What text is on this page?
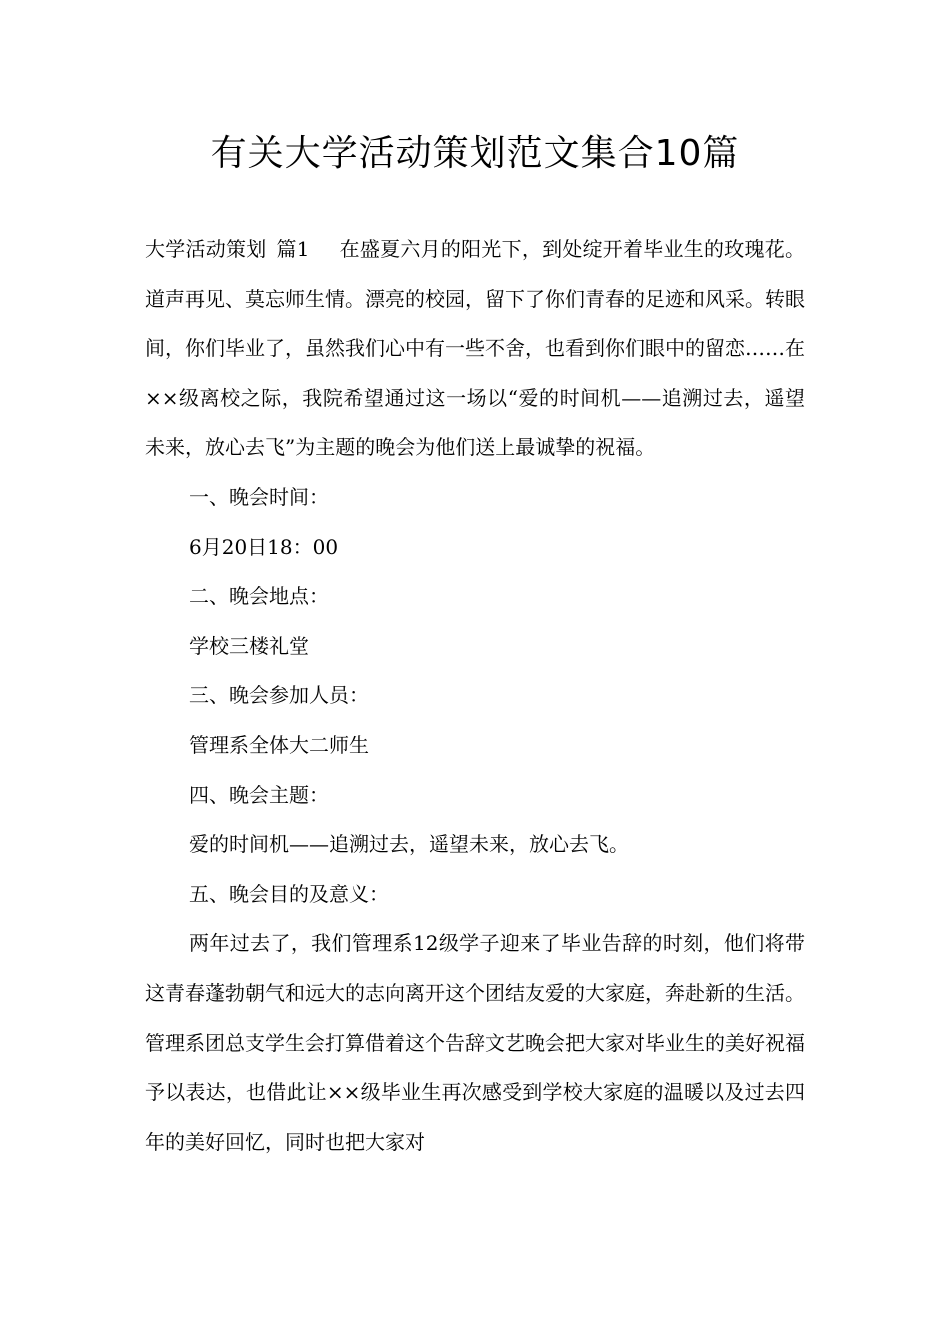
有关大学活动策划范文集合10篇

大学活动策划 篇1 在盛夏六月的阳光下，到处绽开着毕业生的玫瑰花。道声再见、莫忘师生情。漂亮的校园，留下了你们青春的足迹和风采。转眼间，你们毕业了，虽然我们心中有一些不舍，也看到你们眼中的留恋……在××级离校之际，我院希望通过这一场以“爱的时间机——追溯过去，遥望未来，放心去飞”为主题的晚会为他们送上最诚挚的祝福。

一、晚会时间：

6月20日18：00

二、晚会地点：

学校三楼礼堂

三、晚会参加人员：

管理系全体大二师生

四、晚会主题：

爱的时间机——追溯过去，遥望未来，放心去飞。

五、晚会目的及意义：

两年过去了，我们管理系12级学子迎来了毕业告辞的时刻，他们将带这青春蓬勃朝气和远大的志向离开这个团结友爱的大家庭，奔赴新的生活。管理系团总支学生会打算借着这个告辞文艺晚会把大家对毕业生的美好祝福予以表达，也借此让××级毕业生再次感受到学校大家庭的温暖以及过去四年的美好回忆，同时也把大家对
